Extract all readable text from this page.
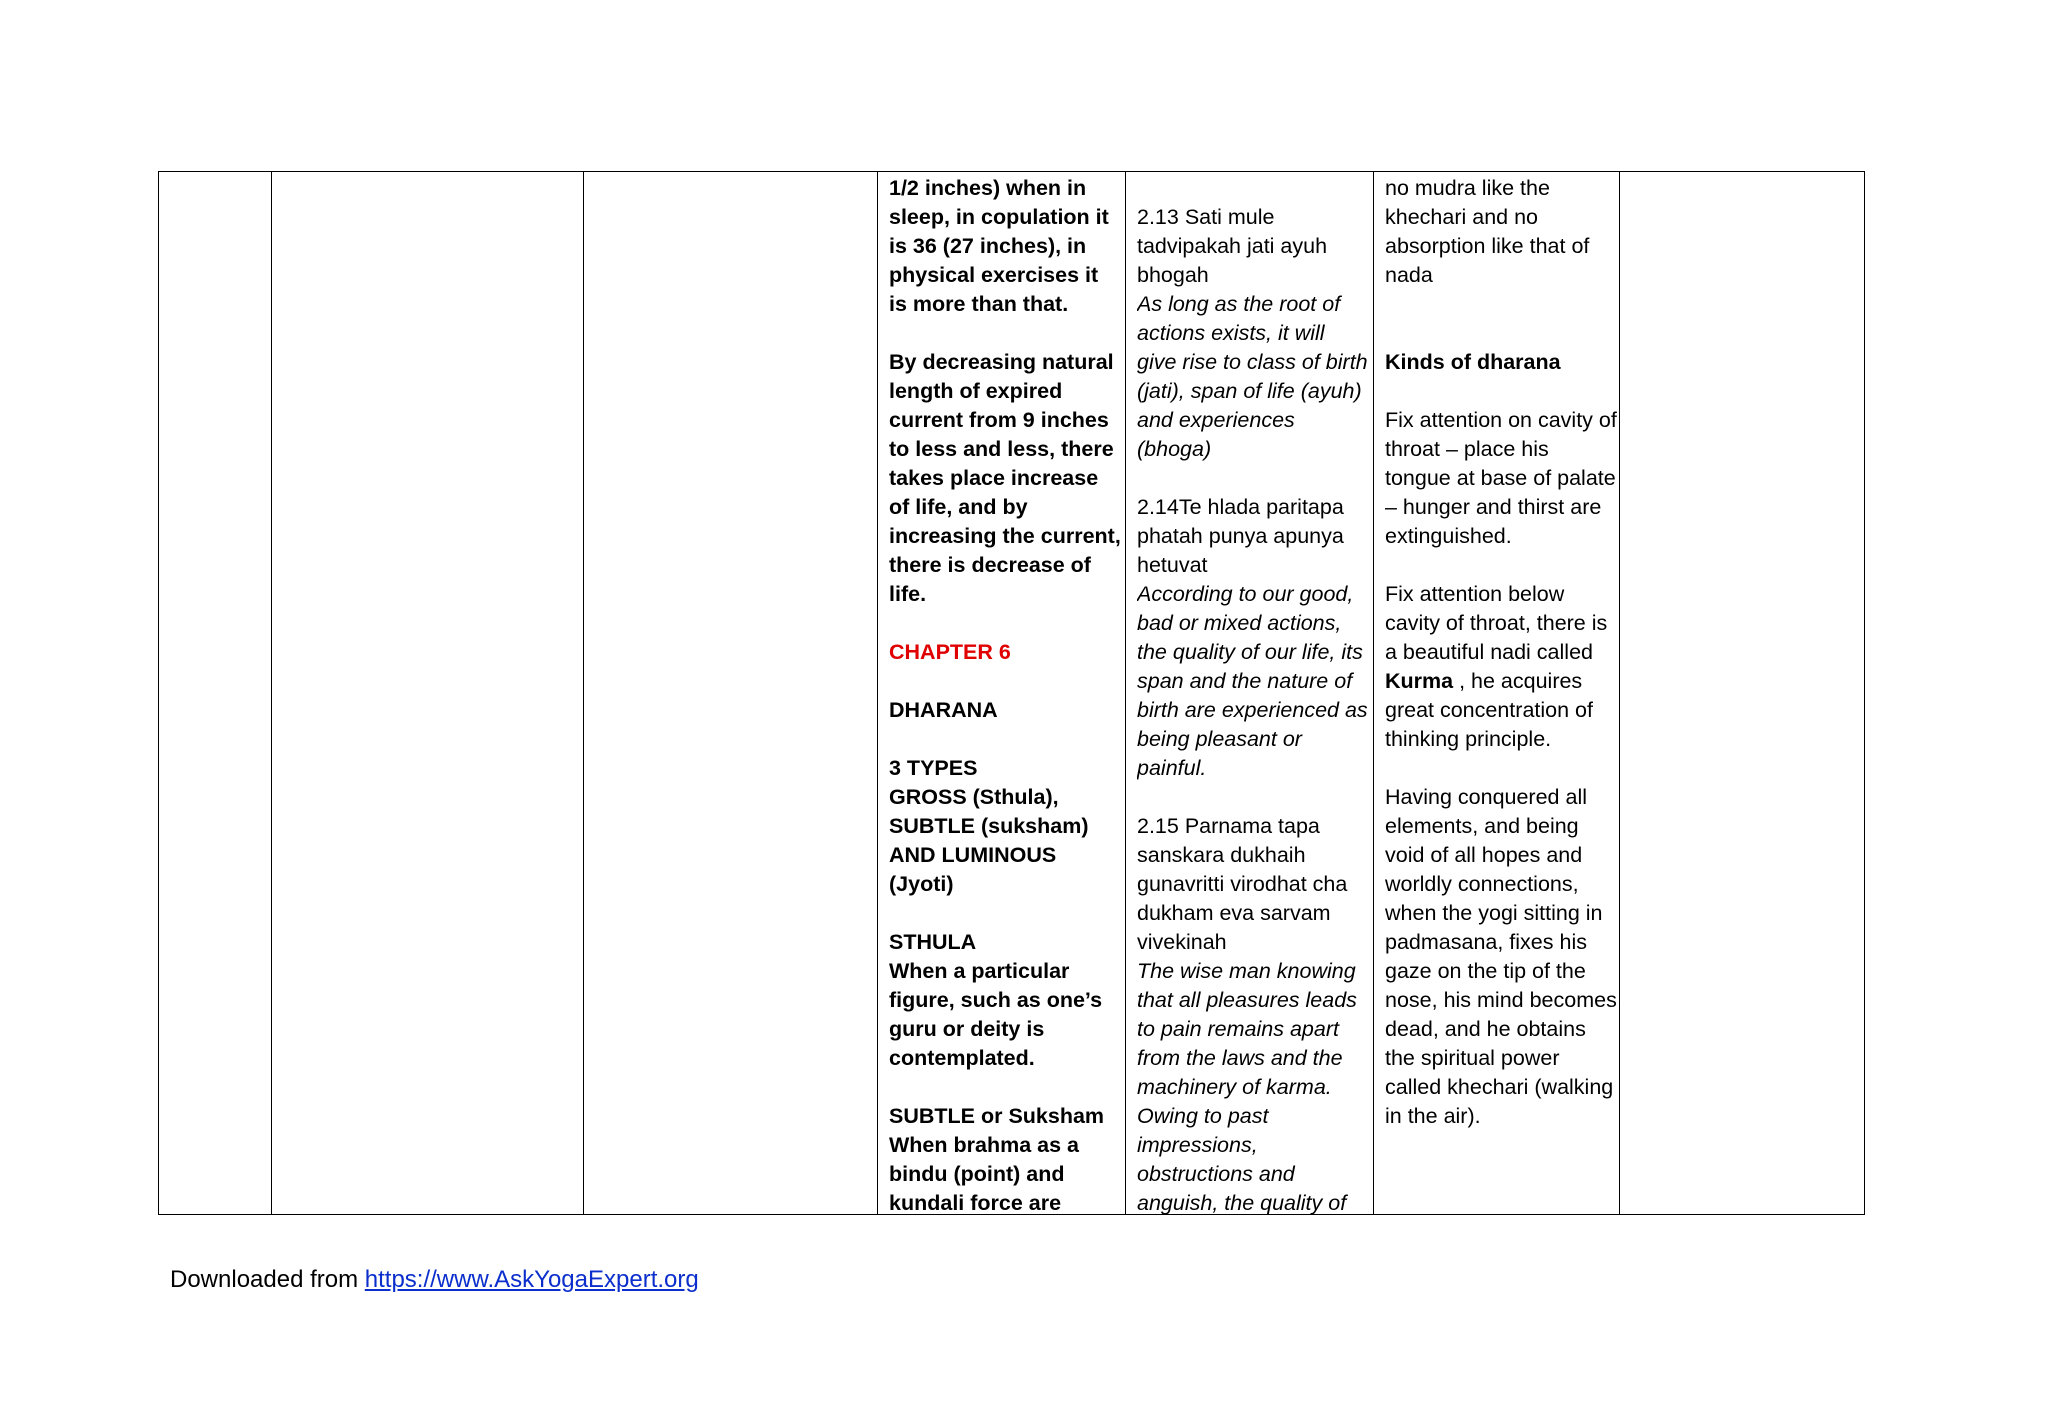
1/2 inches) when in sleep, in copulation it is 36 (27 inches), in physical exercises it is more than that.

By decreasing natural length of expired current from 9 inches to less and less, there takes place increase of life, and by increasing the current, there is decrease of life.

CHAPTER 6

DHARANA

3 TYPES

GROSS (Sthula),

SUBTLE (suksham)

AND LUMINOUS (Jyoti)

STHULA

When a particular figure, such as one’s guru or deity is contemplated.

SUBTLE or Suksham

When brahma as a bindu (point) and kundali force are

2.13 Sati mule tadvipakah jati ayuh bhogah

As long as the root of actions exists, it will give rise to class of birth (jati), span of life (ayuh) and experiences (bhoga)

2.14Te hlada paritapa phatah punya apunya hetuvat

According to our good, bad or mixed actions, the quality of our life, its span and the nature of birth are experienced as being pleasant or painful.

2.15 Parnama tapa sanskara dukhaih gunavritti virodhat cha dukham eva sarvam vivekinah

The wise man knowing that all pleasures leads to pain remains apart from the laws and the machinery of karma. Owing to past impressions, obstructions and anguish, the quality of

no mudra like the khechari and no absorption like that of nada

Kinds of dharana

Fix attention on cavity of throat – place his tongue at base of palate – hunger and thirst are extinguished.

Fix attention below cavity of throat, there is a beautiful nadi called Kurma , he acquires great concentration of thinking principle.

Having conquered all elements, and being void of all hopes and worldly connections, when the yogi sitting in padmasana, fixes his gaze on the tip of the nose, his mind becomes dead, and he obtains the spiritual power called khechari (walking in the air).

Downloaded from https://www.AskYogaExpert.org
